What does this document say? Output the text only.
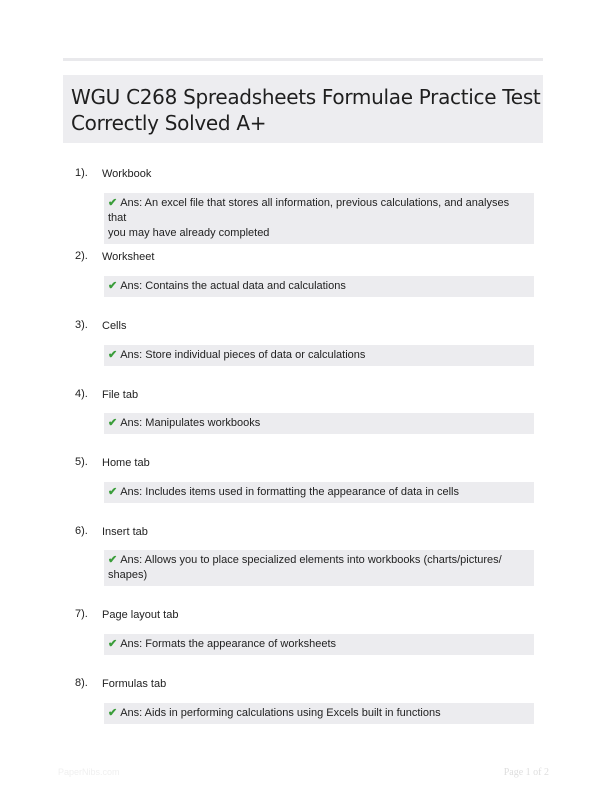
WGU C268 Spreadsheets Formulae Practice Test
Correctly Solved A+
1). Workbook
✔ Ans: An excel file that stores all information, previous calculations, and analyses that
you may have already completed
2). Worksheet
✔ Ans: Contains the actual data and calculations
3). Cells
✔ Ans: Store individual pieces of data or calculations
4). File tab
✔ Ans: Manipulates workbooks
5). Home tab
✔ Ans: Includes items used in formatting the appearance of data in cells
6). Insert tab
✔ Ans: Allows you to place specialized elements into workbooks (charts/pictures/
shapes)
7). Page layout tab
✔ Ans: Formats the appearance of worksheets
8). Formulas tab
✔ Ans: Aids in performing calculations using Excels built in functions
PaperNibs.com	Page 1 of 2
